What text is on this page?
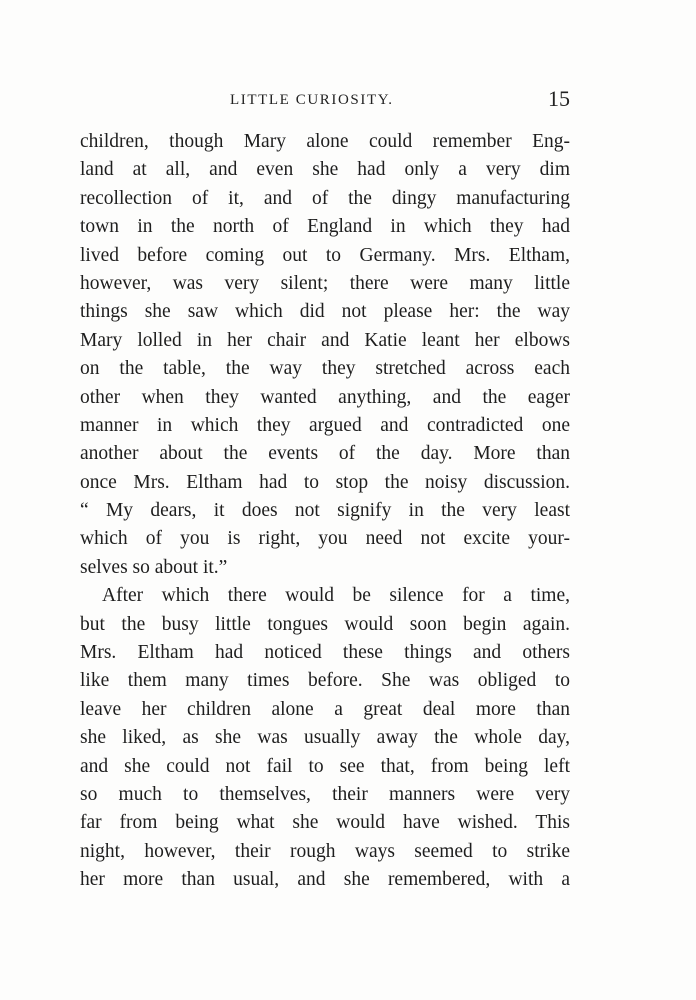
LITTLE CURIOSITY.	15
children, though Mary alone could remember Eng-
land at all, and even she had only a very dim
recollection of it, and of the dingy manufacturing
town in the north of England in which they had
lived before coming out to Germany. Mrs. Eltham,
however, was very silent; there were many little
things she saw which did not please her: the way
Mary lolled in her chair and Katie leant her elbows
on the table, the way they stretched across each
other when they wanted anything, and the eager
manner in which they argued and contradicted one
another about the events of the day. More than
once Mrs. Eltham had to stop the noisy discussion.
“ My dears, it does not signify in the very least
which of you is right, you need not excite your-
selves so about it.”
After which there would be silence for a time,
but the busy little tongues would soon begin again.
Mrs. Eltham had noticed these things and others
like them many times before. She was obliged to
leave her children alone a great deal more than
she liked, as she was usually away the whole day,
and she could not fail to see that, from being left
so much to themselves, their manners were very
far from being what she would have wished. This
night, however, their rough ways seemed to strike
her more than usual, and she remembered, with a
